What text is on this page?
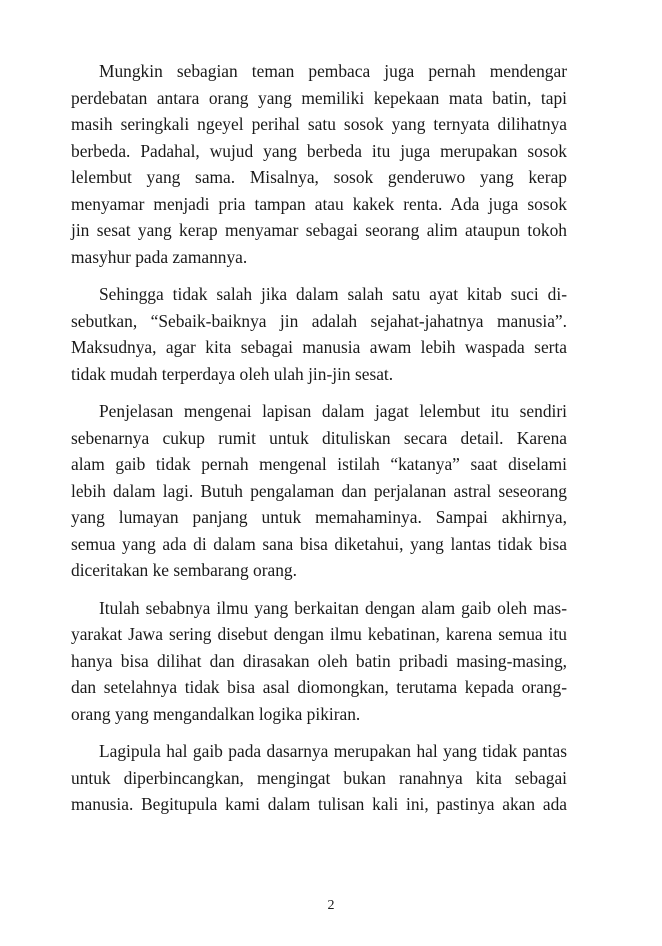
Mungkin sebagian teman pembaca juga pernah mendengar
perdebatan antara orang yang memiliki kepekaan mata batin, tapi
masih seringkali ngeyel perihal satu sosok yang ternyata dilihatnya
berbeda. Padahal, wujud yang berbeda itu juga merupakan sosok
lelembut yang sama. Misalnya, sosok genderuwo yang kerap
menyamar menjadi pria tampan atau kakek renta. Ada juga sosok
jin sesat yang kerap menyamar sebagai seorang alim ataupun tokoh
masyhur pada zamannya.

Sehingga tidak salah jika dalam salah satu ayat kitab suci di-
sebutkan, “Sebaik-baiknya jin adalah sejahat-jahatnya manusia”.
Maksudnya, agar kita sebagai manusia awam lebih waspada serta
tidak mudah terperdaya oleh ulah jin-jin sesat.

Penjelasan mengenai lapisan dalam jagat lelembut itu sendiri
sebenarnya cukup rumit untuk dituliskan secara detail. Karena
alam gaib tidak pernah mengenal istilah “katanya” saat diselami
lebih dalam lagi. Butuh pengalaman dan perjalanan astral seseorang
yang lumayan panjang untuk memahaminya. Sampai akhirnya,
semua yang ada di dalam sana bisa diketahui, yang lantas tidak bisa
diceritakan ke sembarang orang.

Itulah sebabnya ilmu yang berkaitan dengan alam gaib oleh mas-
yarakat Jawa sering disebut dengan ilmu kebatinan, karena semua itu
hanya bisa dilihat dan dirasakan oleh batin pribadi masing-masing,
dan setelahnya tidak bisa asal diomongkan, terutama kepada orang-
orang yang mengandalkan logika pikiran.

Lagipula hal gaib pada dasarnya merupakan hal yang tidak pantas
untuk diperbincangkan, mengingat bukan ranahnya kita sebagai
manusia. Begitupula kami dalam tulisan kali ini, pastinya akan ada

2
